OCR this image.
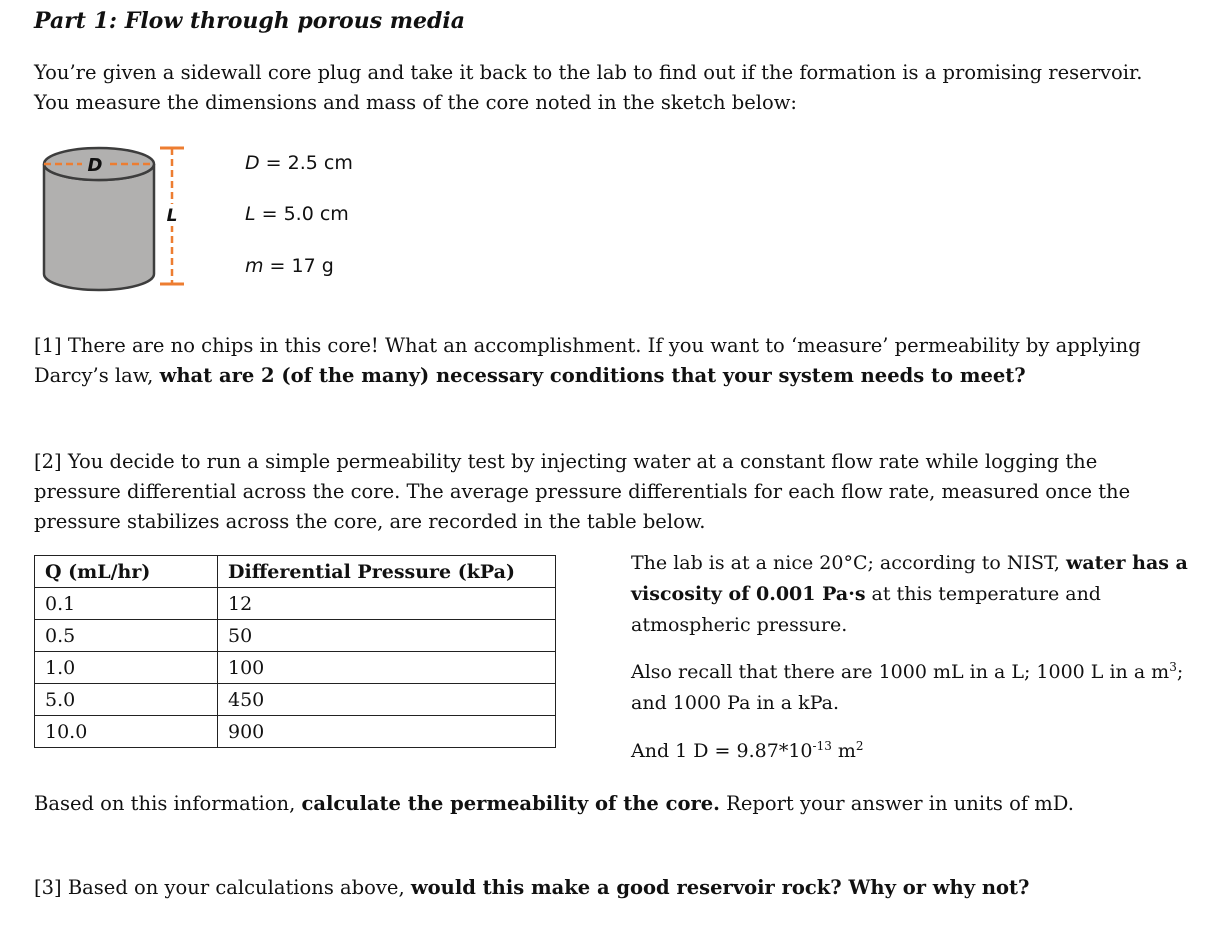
Part 1: Flow through porous media
You’re given a sidewall core plug and take it back to the lab to find out if the formation is a promising reservoir. You measure the dimensions and mass of the core noted in the sketch below:
D
L
D = 2.5 cm
L = 5.0 cm
m = 17 g
[1] There are no chips in this core! What an accomplishment. If you want to ‘measure’ permeability by applying Darcy’s law, what are 2 (of the many) necessary conditions that your system needs to meet?
[2] You decide to run a simple permeability test by injecting water at a constant flow rate while logging the pressure differential across the core. The average pressure differentials for each flow rate, measured once the pressure stabilizes across the core, are recorded in the table below.
Q (mL/hr)	Differential Pressure (kPa)
0.1	12
0.5	50
1.0	100
5.0	450
10.0	900
The lab is at a nice 20°C; according to NIST, water has a viscosity of 0.001 Pa·s at this temperature and atmospheric pressure.
Also recall that there are 1000 mL in a L; 1000 L in a $m^3$; and 1000 Pa in a kPa.
And 1 $D = 9.87*10^{-13}$ $m^2$
Based on this information, calculate the permeability of the core. Report your answer in units of mD.
[3] Based on your calculations above, would this make a good reservoir rock? Why or why not?
